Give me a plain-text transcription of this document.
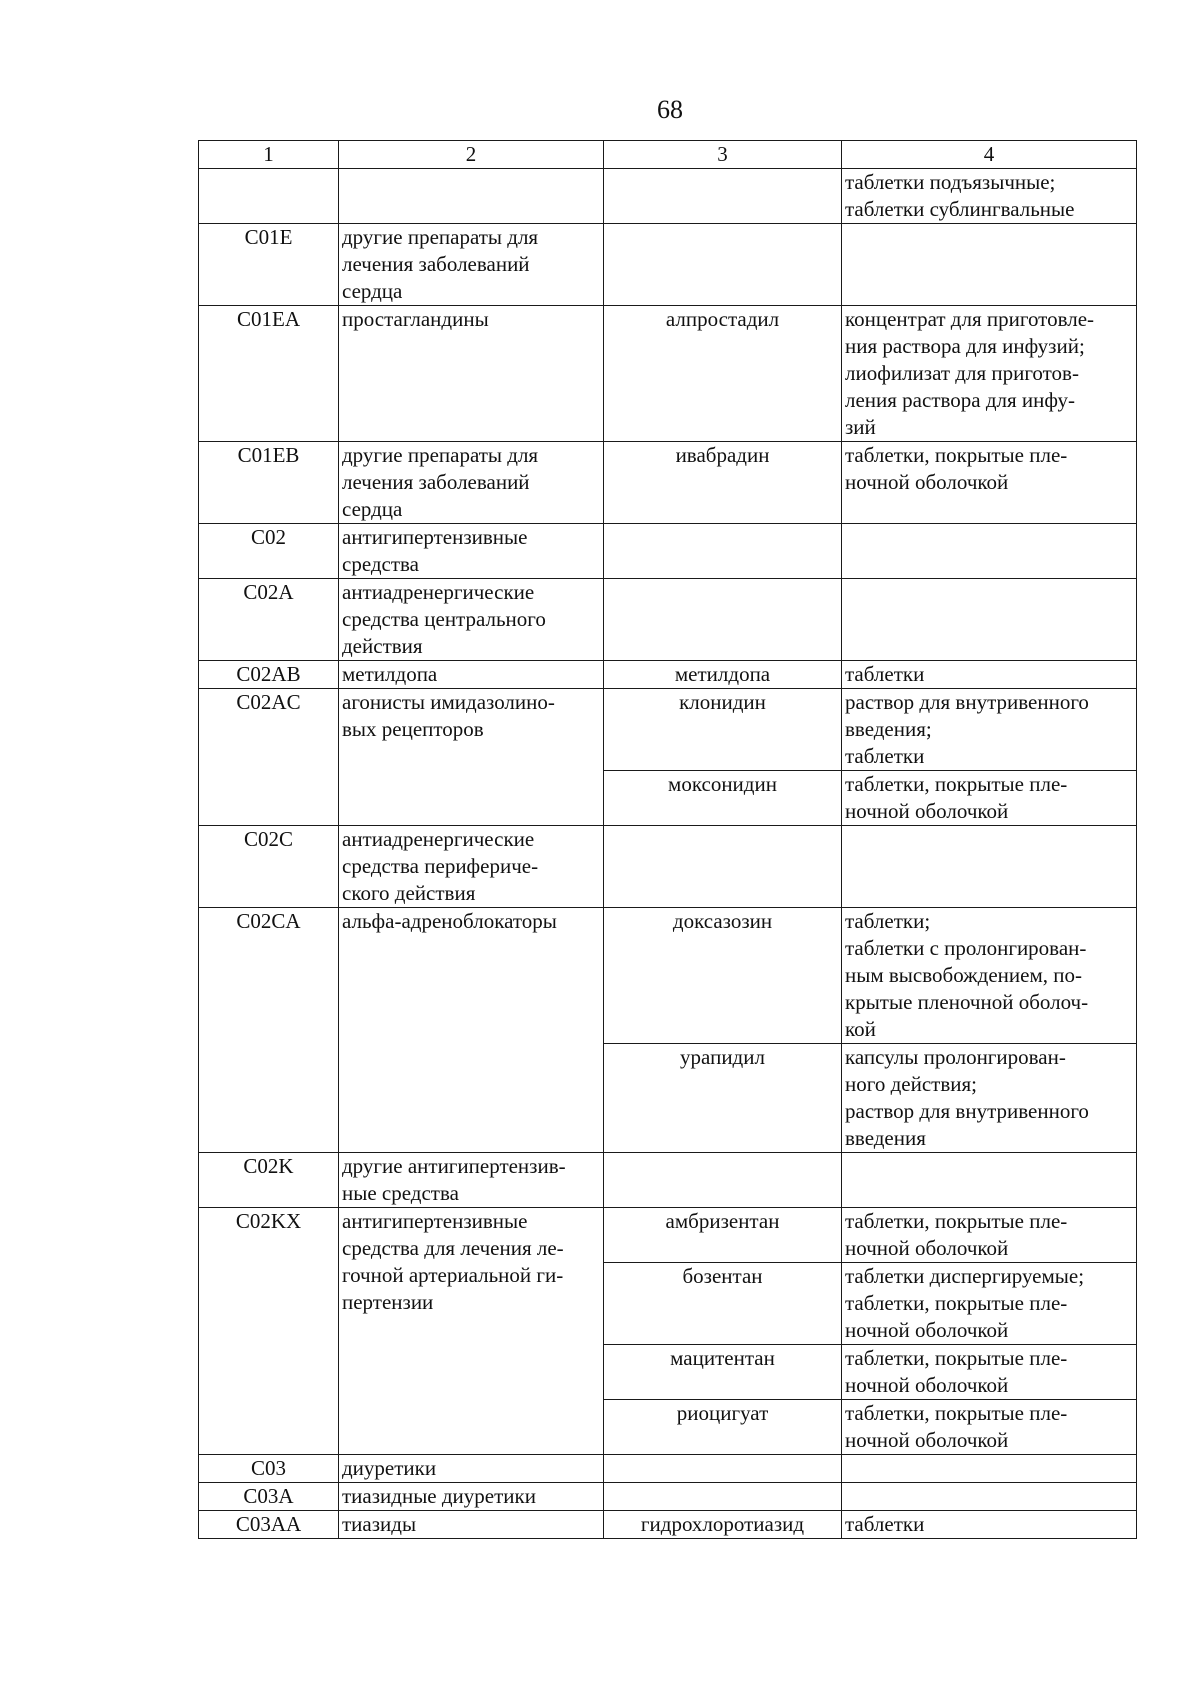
68
1	2	3	4

			таблетки подъязычные;
таблетки сублингвальные

C01E	другие препараты для
лечения заболеваний
сердца		

C01EA	простагландины	алпростадил	концентрат для приготовле-
ния раствора для инфузий;
лиофилизат для приготов-
ления раствора для инфу-
зий

C01EB	другие препараты для
лечения заболеваний
сердца	ивабрадин	таблетки, покрытые пле-
ночной оболочкой

C02	антигипертензивные
средства		

C02A	антиадренергические
средства центрального
действия		

C02AB	метилдопа	метилдопа	таблетки

C02AC	агонисты имидазолино-
вых рецепторов	клонидин	раствор для внутривенного
введения;
таблетки

		моксонидин	таблетки, покрытые пле-
ночной оболочкой

C02C	антиадренергические
средства перифериче-
ского действия		

C02CA	альфа-адреноблокаторы	доксазозин	таблетки;
таблетки с пролонгирован-
ным высвобождением, по-
крытые пленочной оболоч-
кой

		урапидил	капсулы пролонгирован-
ного действия;
раствор для внутривенного
введения

C02K	другие антигипертензив-
ные средства		

C02KX	антигипертензивные
средства для лечения ле-
гочной артериальной ги-
пертензии	амбризентан	таблетки, покрытые пле-
ночной оболочкой

		бозентан	таблетки диспергируемые;
таблетки, покрытые пле-
ночной оболочкой

		мацитентан	таблетки, покрытые пле-
ночной оболочкой

		риоцигуат	таблетки, покрытые пле-
ночной оболочкой

C03	диуретики		

C03A	тиазидные диуретики		

C03AA	тиазиды	гидрохлоротиазид	таблетки
